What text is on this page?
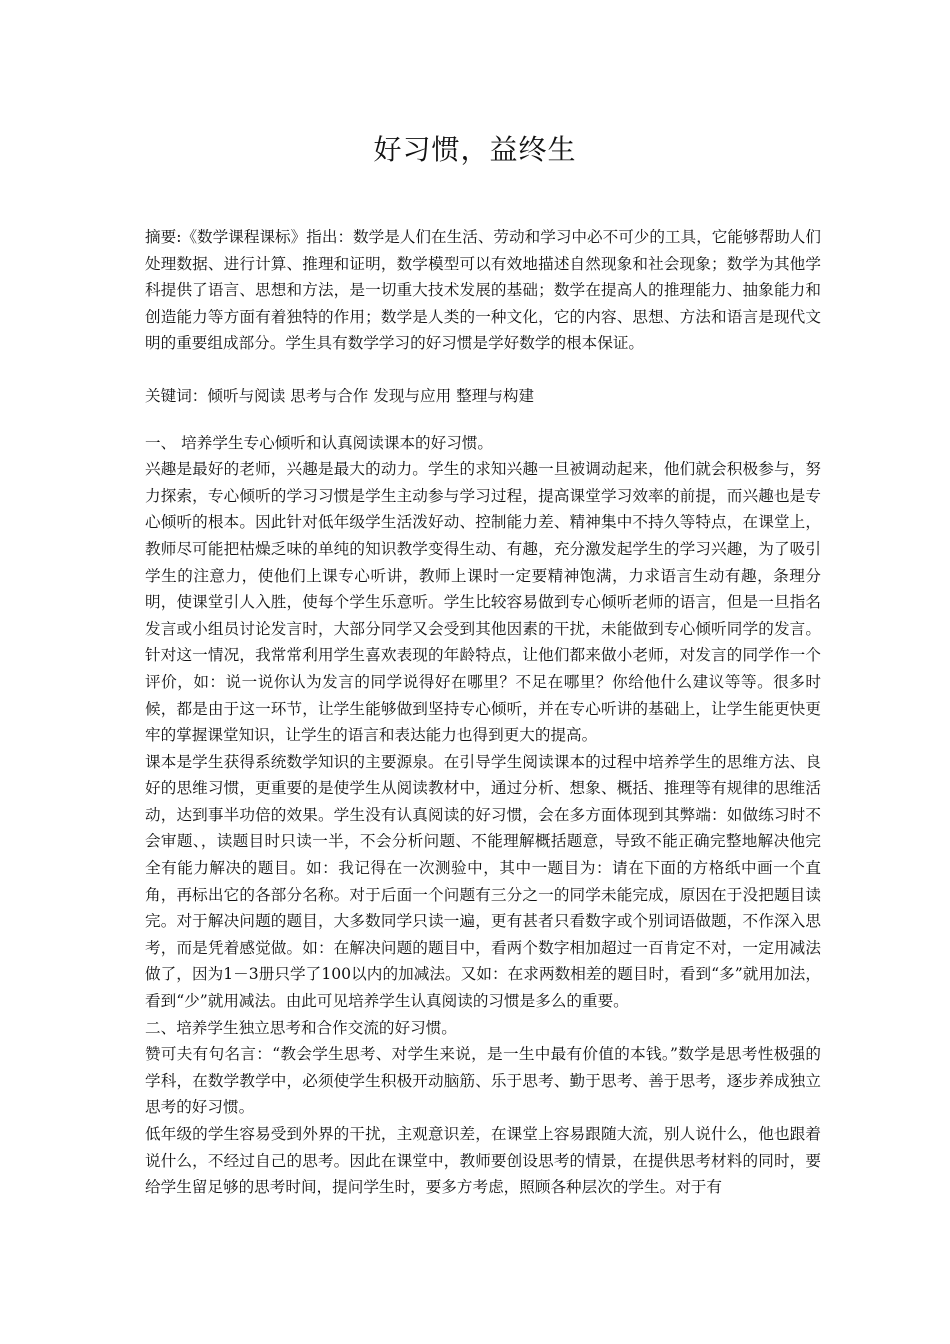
好习惯，益终生

摘要:《数学课程课标》指出：数学是人们在生活、劳动和学习中必不可少的工具，它能够帮助人们处理数据、进行计算、推理和证明，数学模型可以有效地描述自然现象和社会现象；数学为其他学科提供了语言、思想和方法，是一切重大技术发展的基础；数学在提高人的推理能力、抽象能力和创造能力等方面有着独特的作用；数学是人类的一种文化，它的内容、思想、方法和语言是现代文明的重要组成部分。学生具有数学学习的好习惯是学好数学的根本保证。

关键词：倾听与阅读 思考与合作 发现与应用 整理与构建

一、 培养学生专心倾听和认真阅读课本的好习惯。

兴趣是最好的老师，兴趣是最大的动力。学生的求知兴趣一旦被调动起来，他们就会积极参与，努力探索，专心倾听的学习习惯是学生主动参与学习过程，提高课堂学习效率的前提，而兴趣也是专心倾听的根本。因此针对低年级学生活泼好动、控制能力差、精神集中不持久等特点，在课堂上，教师尽可能把枯燥乏味的单纯的知识教学变得生动、有趣，充分激发起学生的学习兴趣，为了吸引学生的注意力，使他们上课专心听讲，教师上课时一定要精神饱满，力求语言生动有趣，条理分明，使课堂引人入胜，使每个学生乐意听。学生比较容易做到专心倾听老师的语言，但是一旦指名发言或小组员讨论发言时，大部分同学又会受到其他因素的干扰，未能做到专心倾听同学的发言。针对这一情况，我常常利用学生喜欢表现的年龄特点，让他们都来做小老师，对发言的同学作一个评价，如：说一说你认为发言的同学说得好在哪里？不足在哪里？你给他什么建议等等。很多时候，都是由于这一环节，让学生能够做到坚持专心倾听，并在专心听讲的基础上，让学生能更快更牢的掌握课堂知识，让学生的语言和表达能力也得到更大的提高。

课本是学生获得系统数学知识的主要源泉。在引导学生阅读课本的过程中培养学生的思维方法、良好的思维习惯，更重要的是使学生从阅读教材中，通过分析、想象、概括、推理等有规律的思维活动，达到事半功倍的效果。学生没有认真阅读的好习惯，会在多方面体现到其弊端：如做练习时不会审题、，读题目时只读一半，不会分析问题、不能理解概括题意，导致不能正确完整地解决他完全有能力解决的题目。如：我记得在一次测验中，其中一题目为：请在下面的方格纸中画一个直角，再标出它的各部分名称。对于后面一个问题有三分之一的同学未能完成，原因在于没把题目读完。对于解决问题的题目，大多数同学只读一遍，更有甚者只看数字或个别词语做题，不作深入思考，而是凭着感觉做。如：在解决问题的题目中，看两个数字相加超过一百肯定不对，一定用减法做了，因为1－3册只学了100以内的加减法。又如：在求两数相差的题目时，看到“多”就用加法，看到“少”就用减法。由此可见培养学生认真阅读的习惯是多么的重要。

二、培养学生独立思考和合作交流的好习惯。

赞可夫有句名言：“教会学生思考、对学生来说，是一生中最有价值的本钱。”数学是思考性极强的学科，在数学教学中，必须使学生积极开动脑筋、乐于思考、勤于思考、善于思考，逐步养成独立思考的好习惯。

低年级的学生容易受到外界的干扰，主观意识差，在课堂上容易跟随大流，别人说什么，他也跟着说什么，不经过自己的思考。因此在课堂中，教师要创设思考的情景，在提供思考材料的同时，要给学生留足够的思考时间，提问学生时，要多方考虑，照顾各种层次的学生。对于有
